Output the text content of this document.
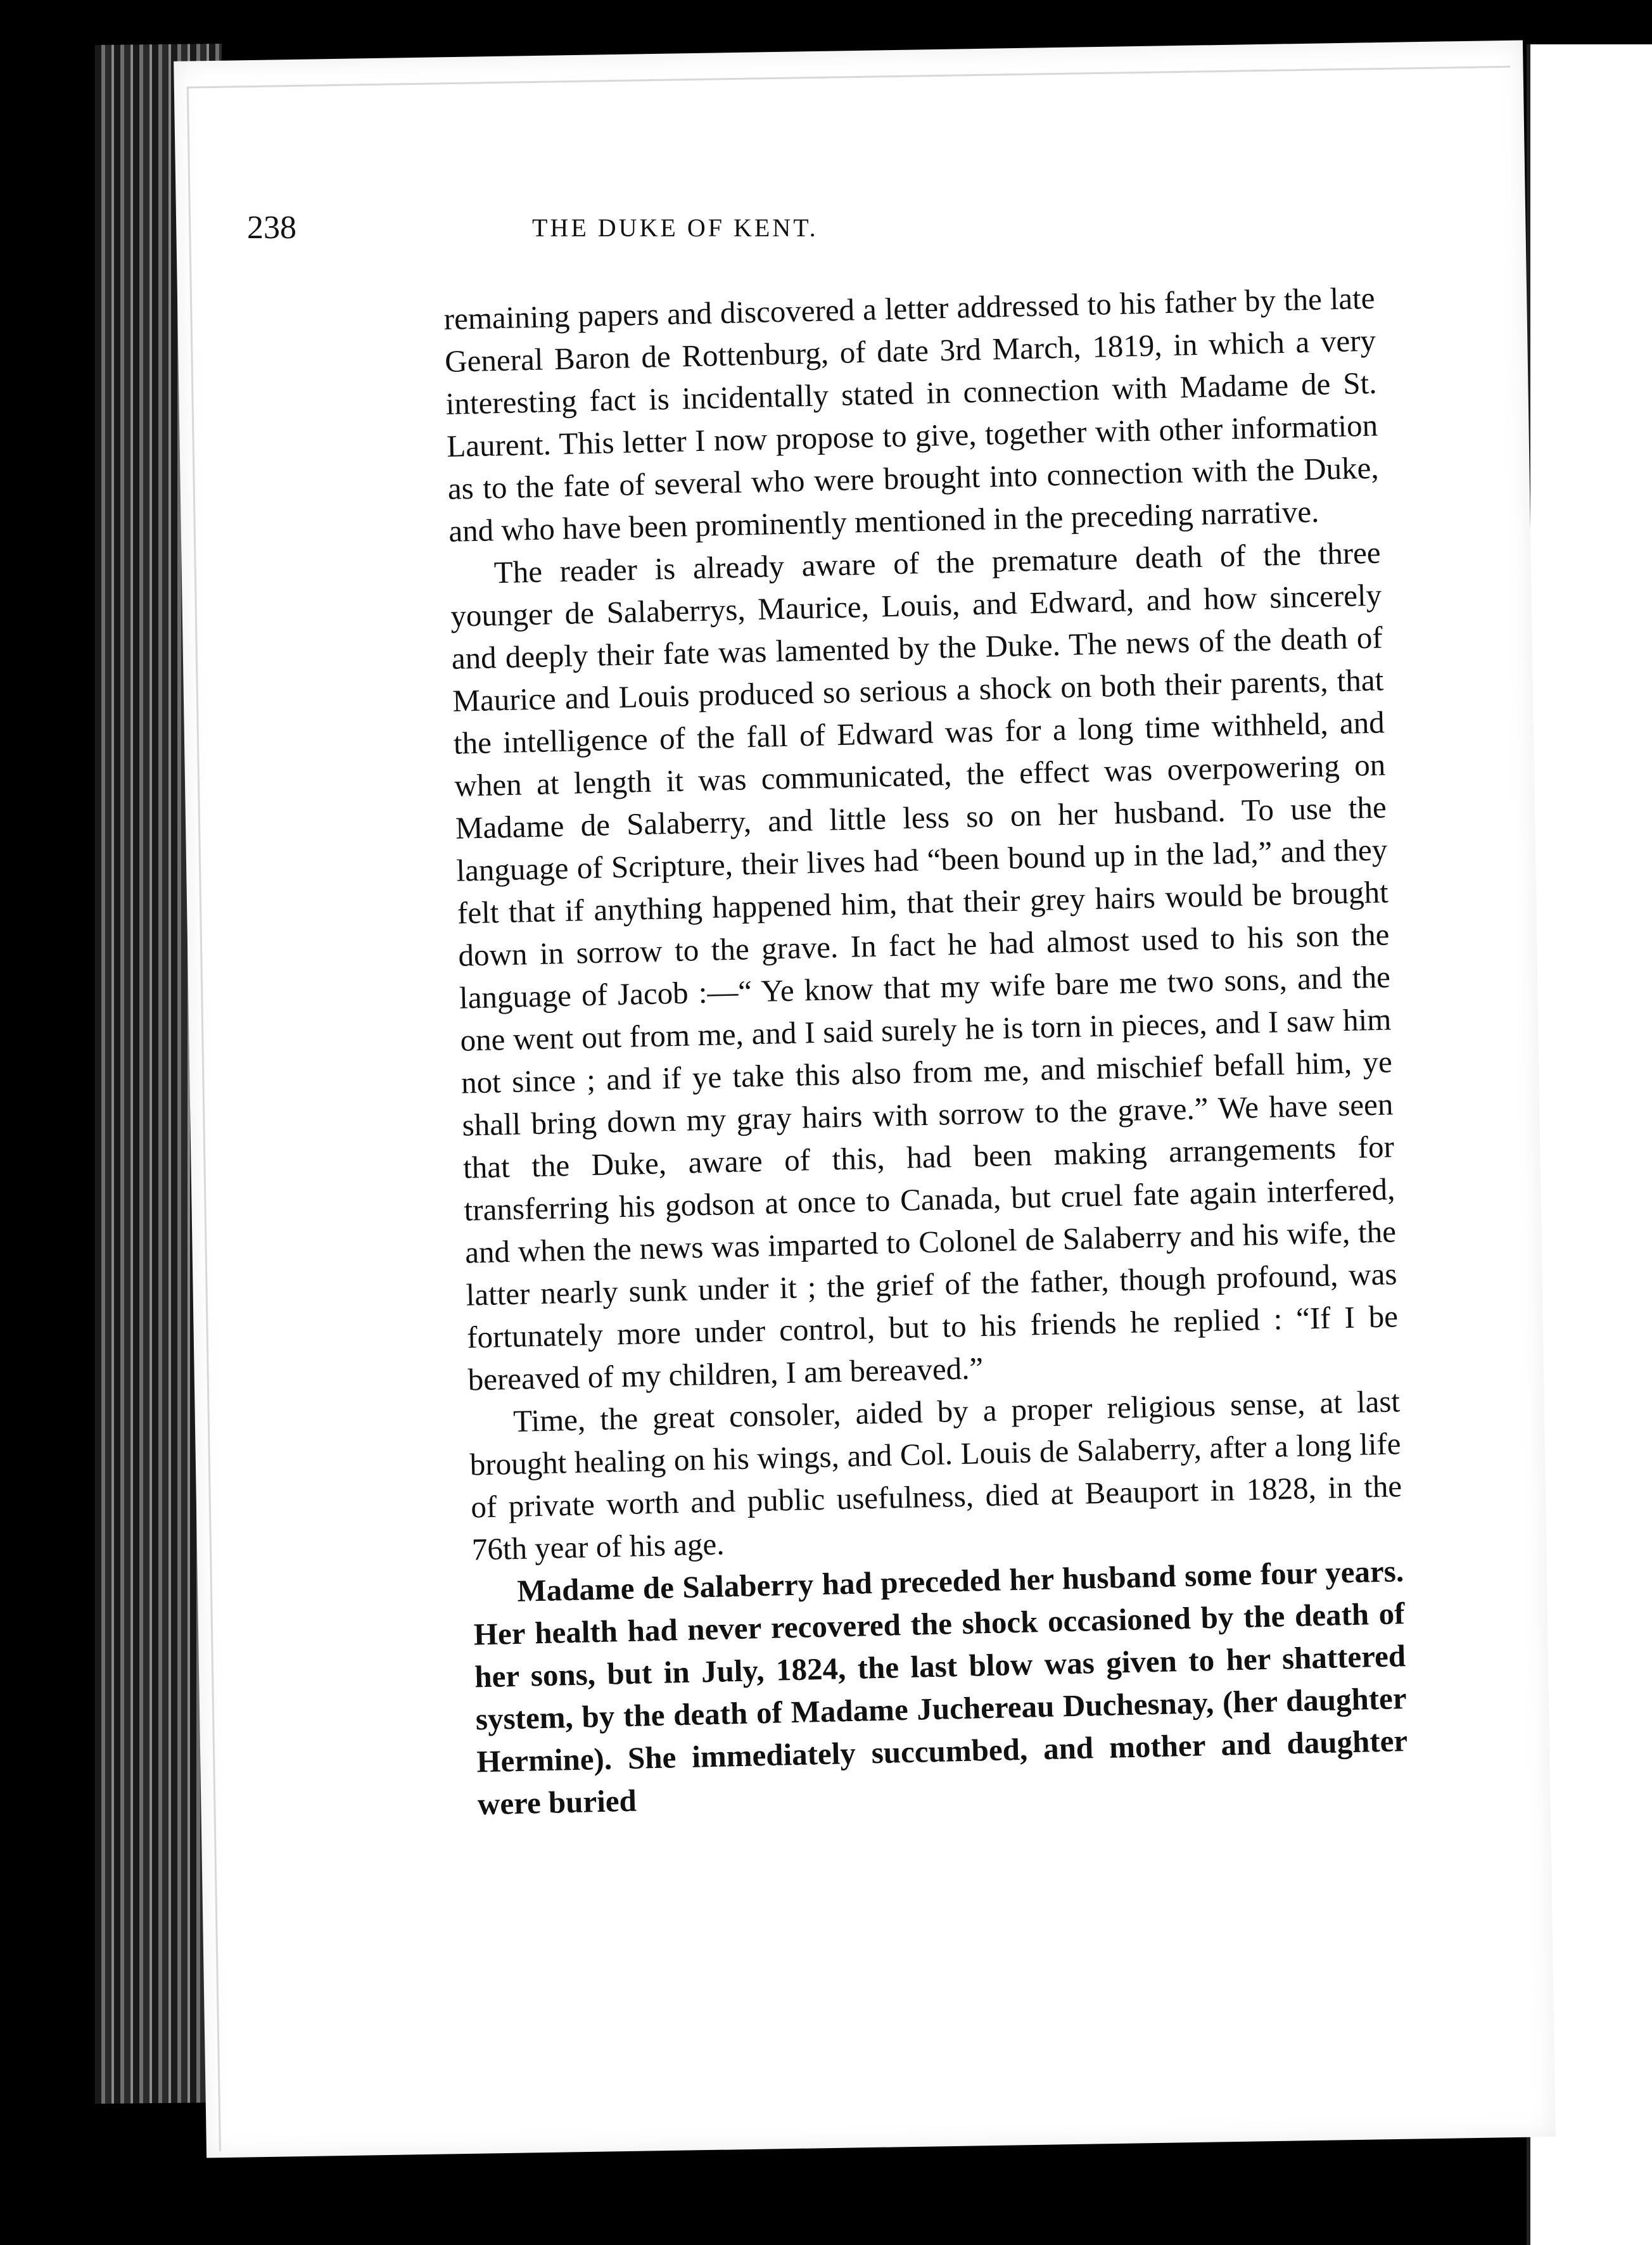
238	THE DUKE OF KENT.

remaining papers and discovered a letter addressed to his father by the late General Baron de Rottenburg, of date 3rd March, 1819, in which a very interesting fact is incidentally stated in connection with Madame de St. Laurent. This letter I now propose to give, together with other information as to the fate of several who were brought into connection with the Duke, and who have been prominently mentioned in the preceding narrative.

The reader is already aware of the premature death of the three younger de Salaberrys, Maurice, Louis, and Edward, and how sincerely and deeply their fate was lamented by the Duke. The news of the death of Maurice and Louis produced so serious a shock on both their parents, that the intelligence of the fall of Edward was for a long time withheld, and when at length it was communicated, the effect was overpowering on Madame de Salaberry, and little less so on her husband. To use the language of Scripture, their lives had “been bound up in the lad,” and they felt that if anything happened him, that their grey hairs would be brought down in sorrow to the grave. In fact he had almost used to his son the language of Jacob :—“ Ye know that my wife bare me two sons, and the one went out from me, and I said surely he is torn in pieces, and I saw him not since ; and if ye take this also from me, and mischief befall him, ye shall bring down my gray hairs with sorrow to the grave.” We have seen that the Duke, aware of this, had been making arrangements for transferring his godson at once to Canada, but cruel fate again interfered, and when the news was imparted to Colonel de Salaberry and his wife, the latter nearly sunk under it ; the grief of the father, though profound, was fortunately more under control, but to his friends he replied : “If I be bereaved of my children, I am bereaved.”

Time, the great consoler, aided by a proper religious sense, at last brought healing on his wings, and Col. Louis de Salaberry, after a long life of private worth and public usefulness, died at Beauport in 1828, in the 76th year of his age.

Madame de Salaberry had preceded her husband some four years. Her health had never recovered the shock occasioned by the death of her sons, but in July, 1824, the last blow was given to her shattered system, by the death of Madame Juchereau Duchesnay, (her daughter Hermine). She immediately succumbed, and mother and daughter were buried
